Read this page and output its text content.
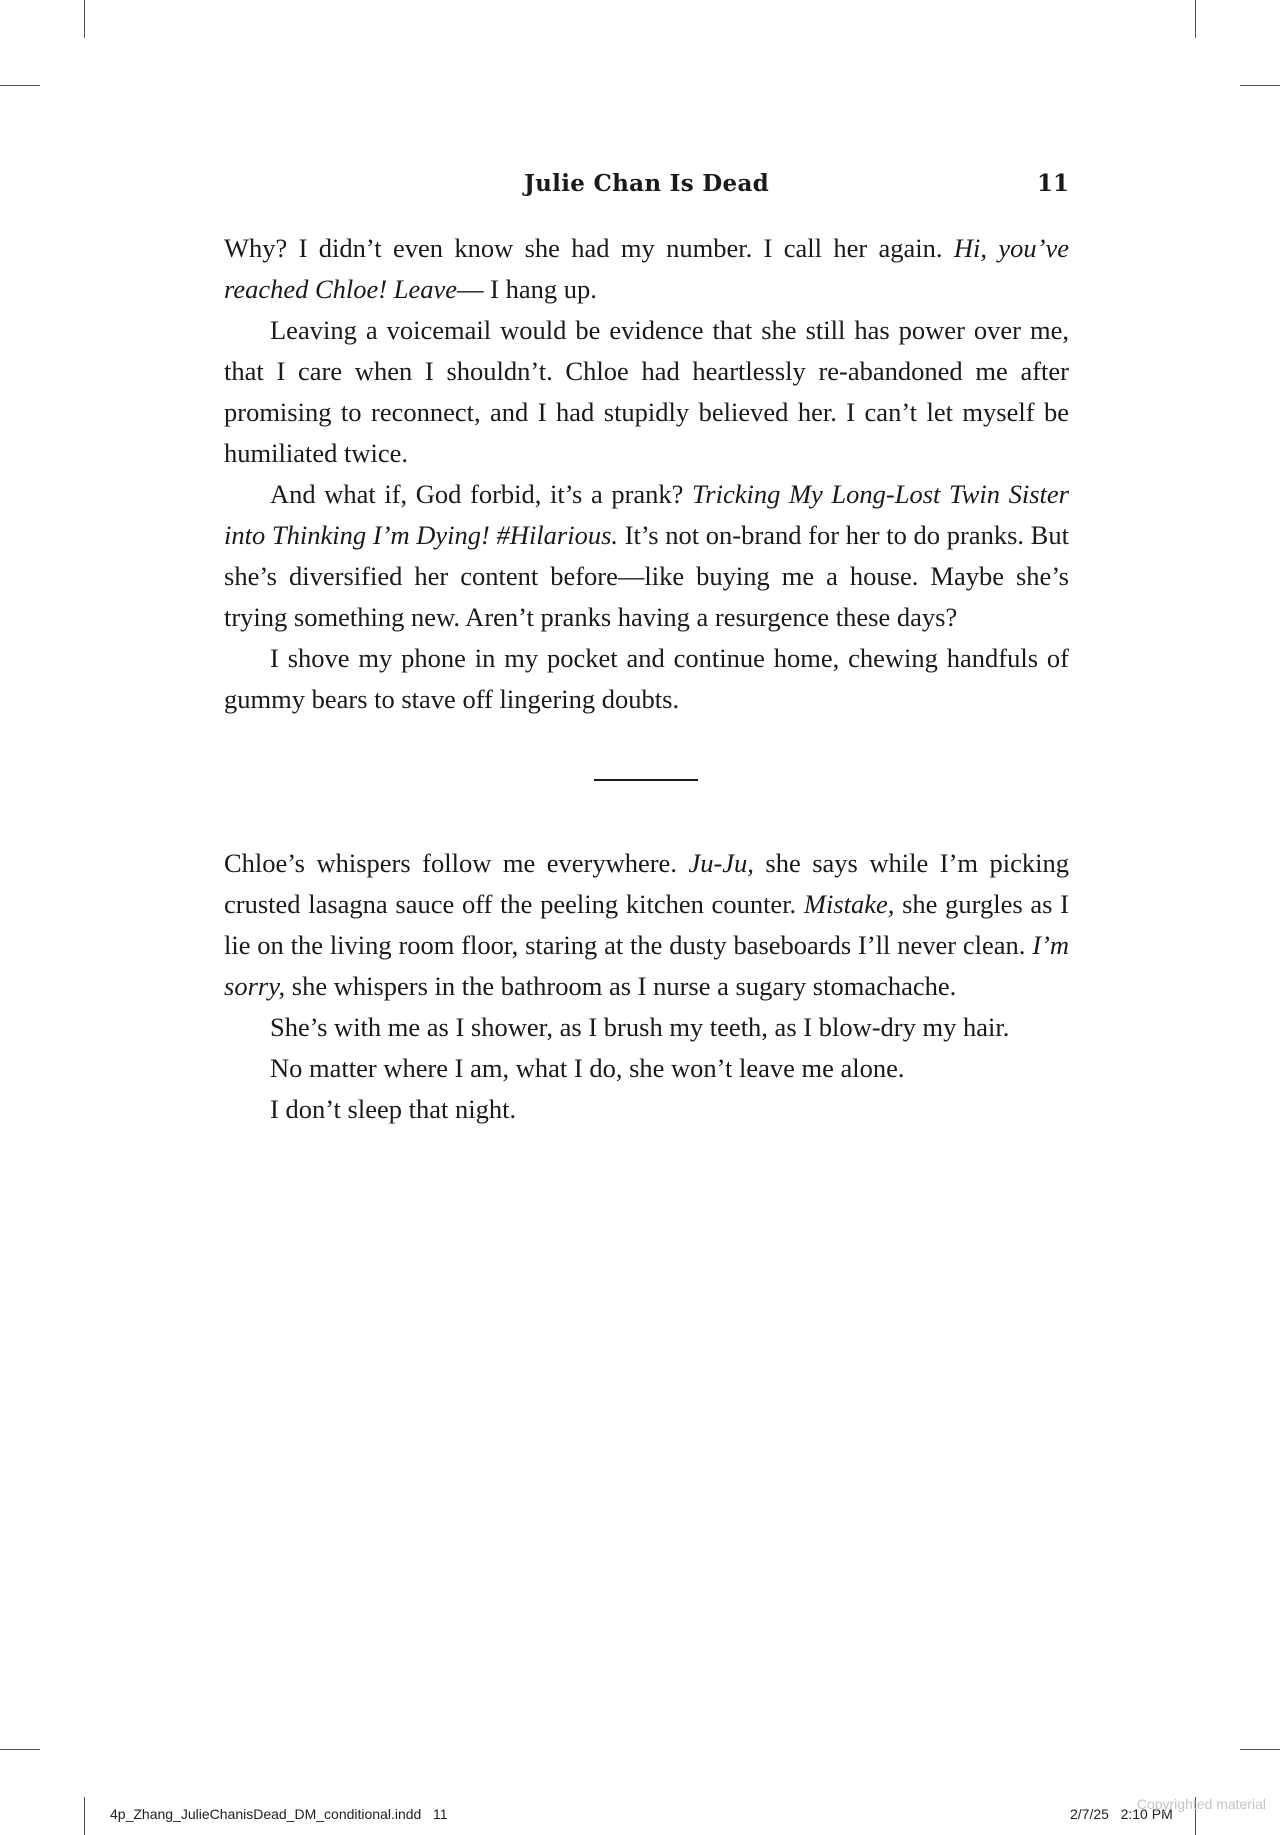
Julie Chan Is Dead	11

Why? I didn’t even know she had my number. I call her again. Hi, you’ve reached Chloe! Leave— I hang up.

Leaving a voicemail would be evidence that she still has power over me, that I care when I shouldn’t. Chloe had heartlessly re-abandoned me after promising to reconnect, and I had stupidly believed her. I can’t let myself be humiliated twice.

And what if, God forbid, it’s a prank? Tricking My Long-Lost Twin Sister into Thinking I’m Dying! #Hilarious. It’s not on-brand for her to do pranks. But she’s diversified her content before—like buying me a house. Maybe she’s trying something new. Aren’t pranks having a resurgence these days?

I shove my phone in my pocket and continue home, chewing handfuls of gummy bears to stave off lingering doubts.

Chloe’s whispers follow me everywhere. Ju-Ju, she says while I’m picking crusted lasagna sauce off the peeling kitchen counter. Mistake, she gurgles as I lie on the living room floor, staring at the dusty baseboards I’ll never clean. I’m sorry, she whispers in the bathroom as I nurse a sugary stomachache.

She’s with me as I shower, as I brush my teeth, as I blow-dry my hair.

No matter where I am, what I do, she won’t leave me alone.

I don’t sleep that night.

4p_Zhang_JulieChanisDead_DM_conditional.indd   11	2/7/25   2:10 PM
Copyrighted material
